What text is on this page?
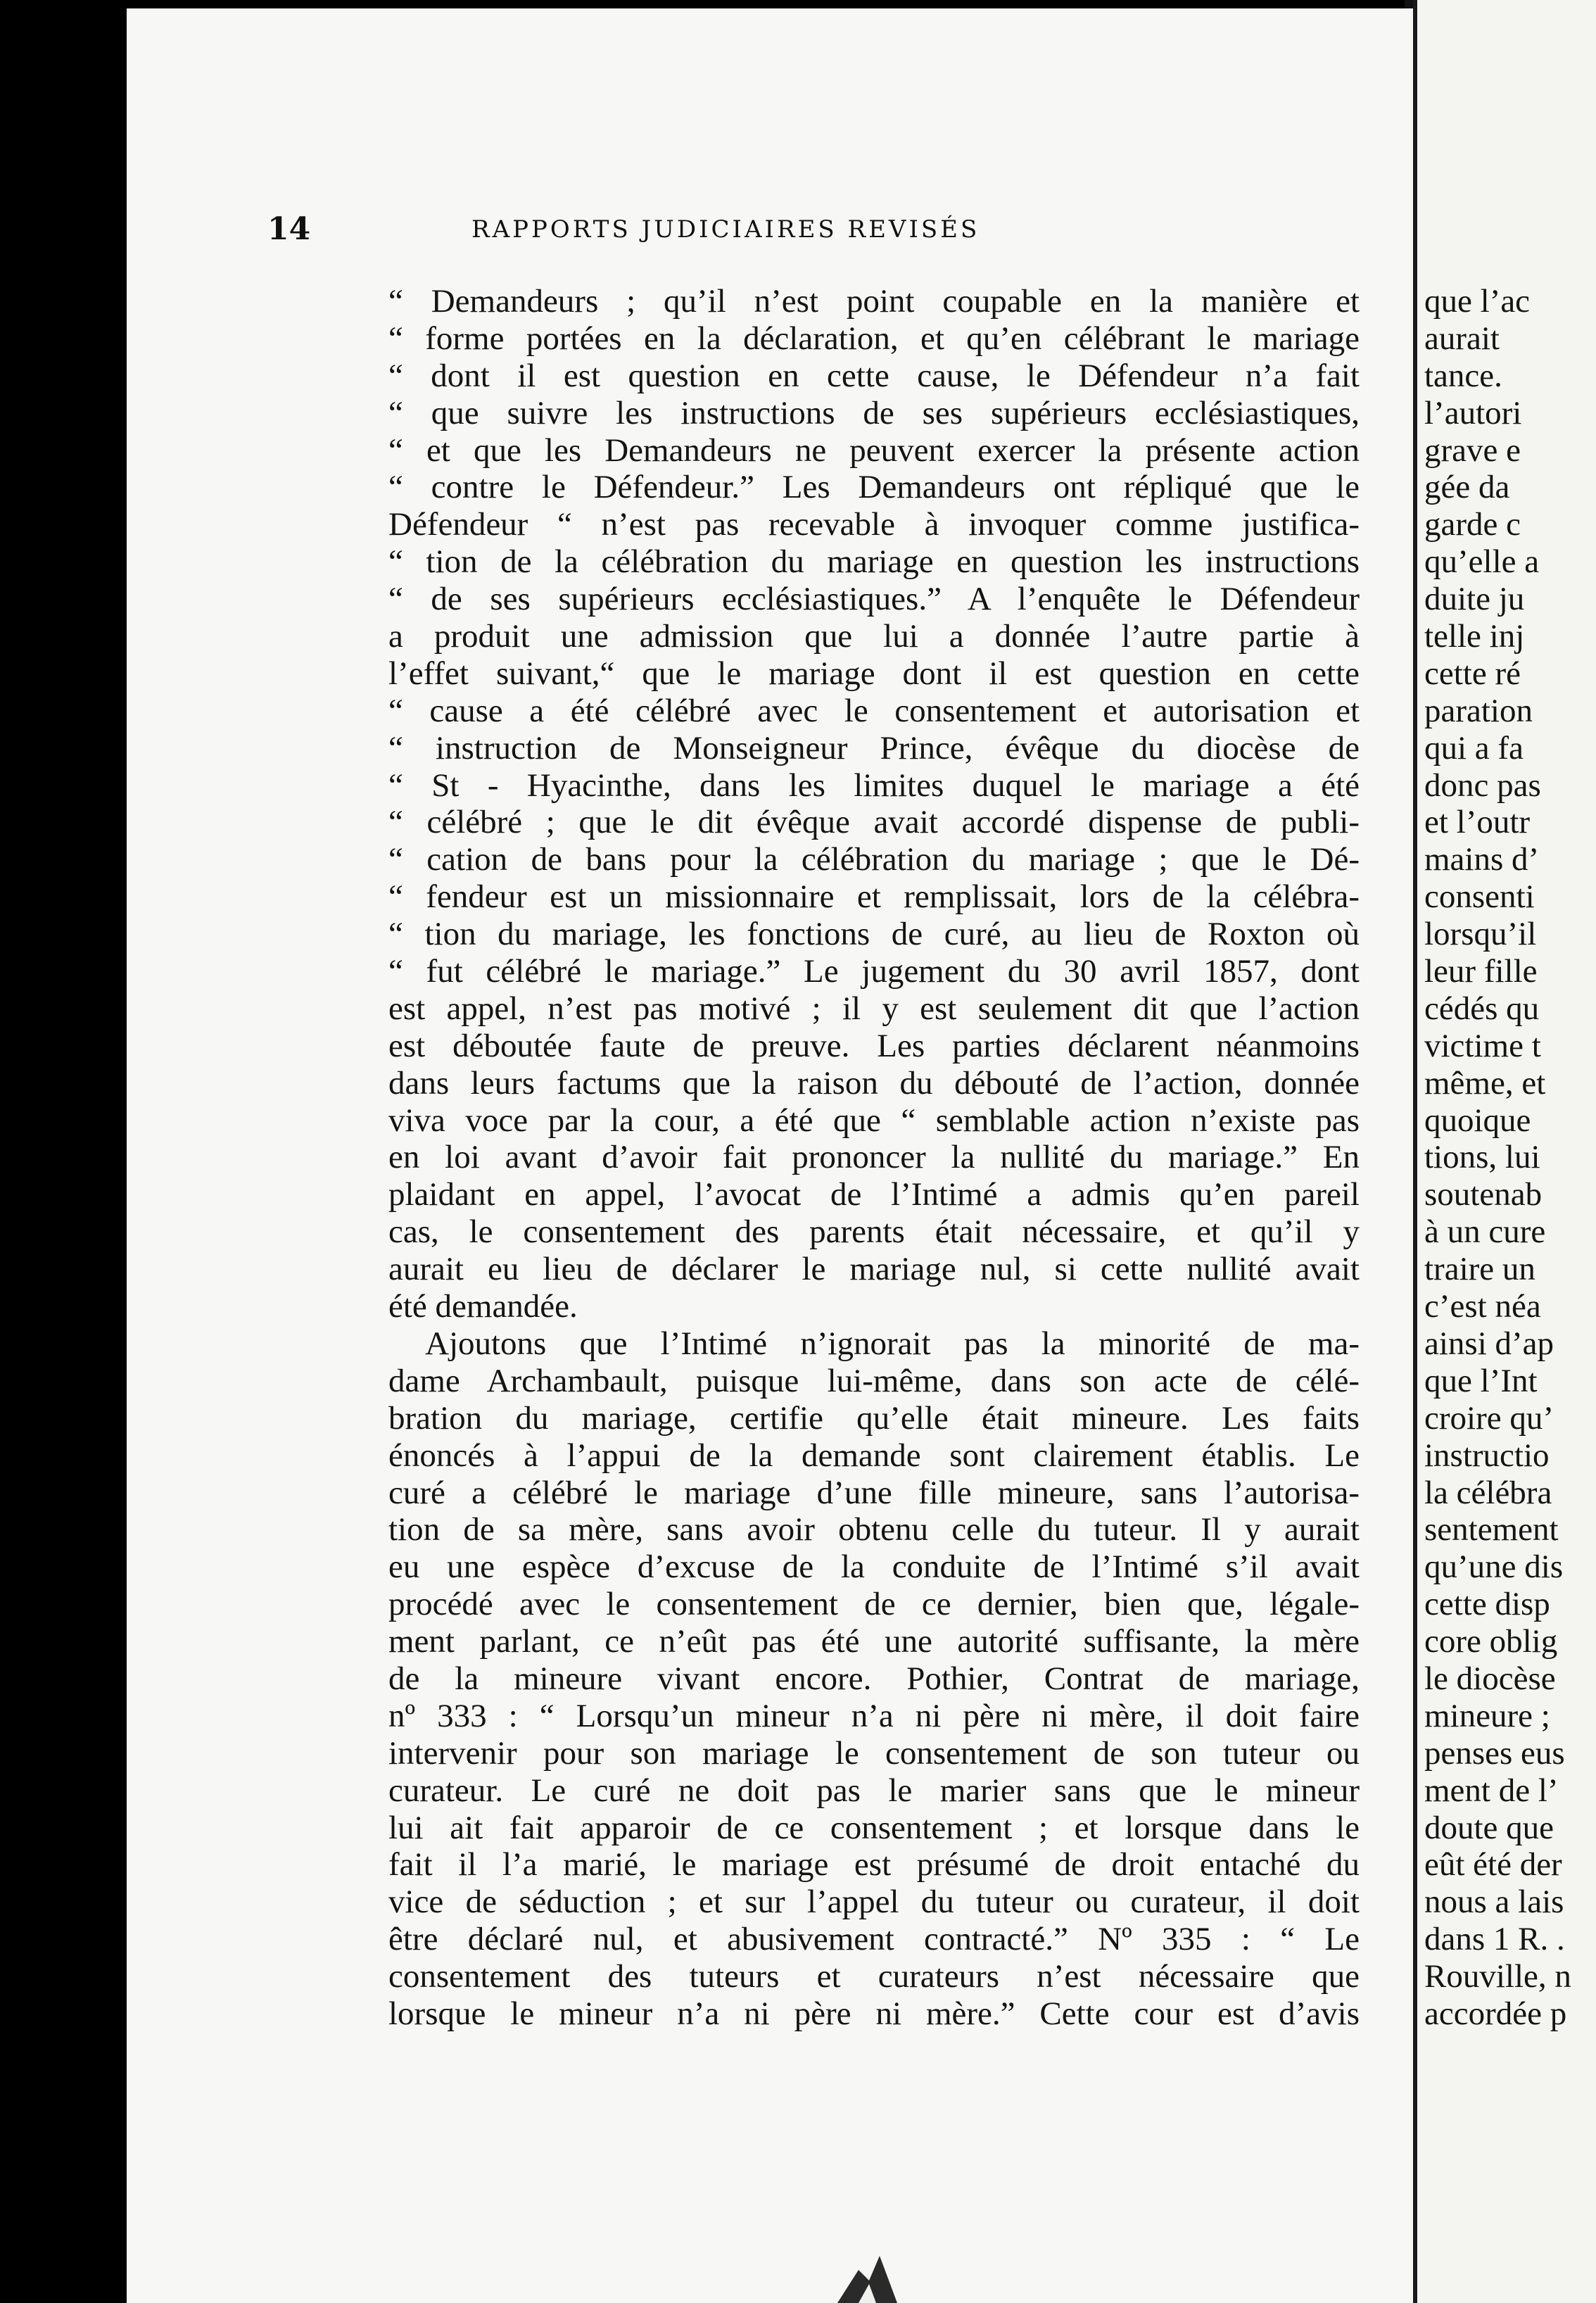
14	RAPPORTS JUDICIAIRES REVISÉS
“ Demandeurs ; qu’il n’est point coupable en la manière et
“ forme portées en la déclaration, et qu’en célébrant le mariage
“ dont il est question en cette cause, le Défendeur n’a fait
“ que suivre les instructions de ses supérieurs ecclésiastiques,
“ et que les Demandeurs ne peuvent exercer la présente action
“ contre le Défendeur.” Les Demandeurs ont répliqué que le
Défendeur “ n’est pas recevable à invoquer comme justifica-
“ tion de la célébration du mariage en question les instructions
“ de ses supérieurs ecclésiastiques.” A l’enquête le Défendeur
a produit une admission que lui a donnée l’autre partie à
l’effet suivant,“ que le mariage dont il est question en cette
“ cause a été célébré avec le consentement et autorisation et
“ instruction de Monseigneur Prince, évêque du diocèse de
“ St - Hyacinthe, dans les limites duquel le mariage a été
“ célébré ; que le dit évêque avait accordé dispense de publi-
“ cation de bans pour la célébration du mariage ; que le Dé-
“ fendeur est un missionnaire et remplissait, lors de la célébra-
“ tion du mariage, les fonctions de curé, au lieu de Roxton où
“ fut célébré le mariage.” Le jugement du 30 avril 1857, dont
est appel, n’est pas motivé ; il y est seulement dit que l’action
est déboutée faute de preuve. Les parties déclarent néanmoins
dans leurs factums que la raison du débouté de l’action, donnée
viva voce par la cour, a été que “ semblable action n’existe pas
en loi avant d’avoir fait prononcer la nullité du mariage.” En
plaidant en appel, l’avocat de l’Intimé a admis qu’en pareil
cas, le consentement des parents était nécessaire, et qu’il y
aurait eu lieu de déclarer le mariage nul, si cette nullité avait
été demandée.
Ajoutons que l’Intimé n’ignorait pas la minorité de ma-
dame Archambault, puisque lui-même, dans son acte de célé-
bration du mariage, certifie qu’elle était mineure. Les faits
énoncés à l’appui de la demande sont clairement établis. Le
curé a célébré le mariage d’une fille mineure, sans l’autorisa-
tion de sa mère, sans avoir obtenu celle du tuteur. Il y aurait
eu une espèce d’excuse de la conduite de l’Intimé s’il avait
procédé avec le consentement de ce dernier, bien que, légale-
ment parlant, ce n’eût pas été une autorité suffisante, la mère
de la mineure vivant encore. Pothier, Contrat de mariage,
nº 333 : “ Lorsqu’un mineur n’a ni père ni mère, il doit faire
intervenir pour son mariage le consentement de son tuteur ou
curateur. Le curé ne doit pas le marier sans que le mineur
lui ait fait apparoir de ce consentement ; et lorsque dans le
fait il l’a marié, le mariage est présumé de droit entaché du
vice de séduction ; et sur l’appel du tuteur ou curateur, il doit
être déclaré nul, et abusivement contracté.” Nº 335 : “ Le
consentement des tuteurs et curateurs n’est nécessaire que
lorsque le mineur n’a ni père ni mère.” Cette cour est d’avis
que l’ac
aurait
tance.
l’autori
grave e
gée da
garde c
qu’elle a
duite ju
telle inj
cette ré
paration
qui a fa
donc pas
et l’outr
mains d’
consenti
lorsqu’il
leur fille
cédés qu
victime t
même, et
quoique
tions, lui
soutenab
à un cure
traire un
c’est néa
ainsi d’ap
que l’Int
croire qu’
instructio
la célébra
sentement
qu’une dis
cette disp
core oblig
le diocèse
mineure ;
penses eus
ment de l’
doute que
eût été der
nous a lais
dans 1 R. .
Rouville, n
accordée p
